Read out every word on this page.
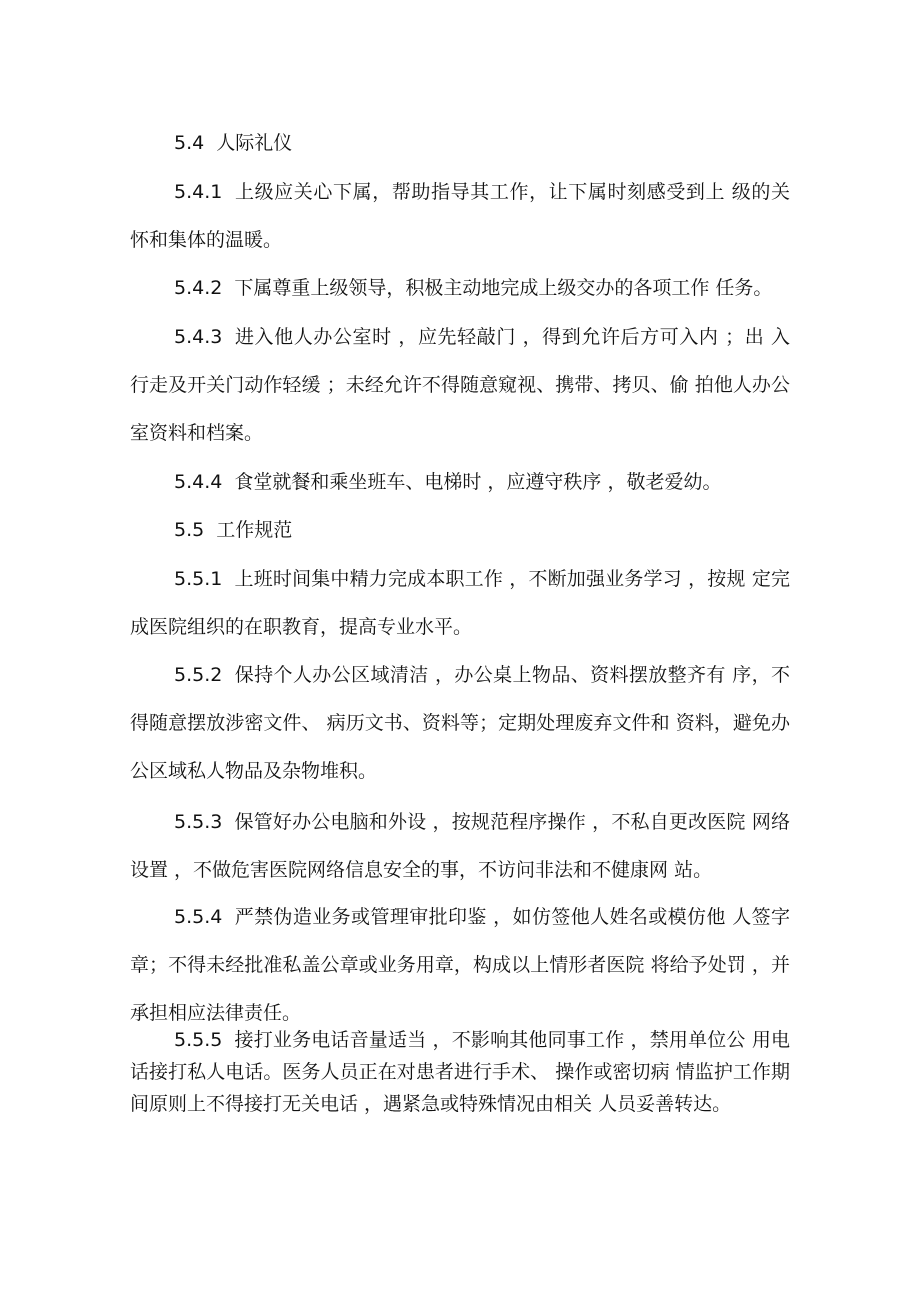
5.4 人际礼仪

5.4.1 上级应关心下属，帮助指导其工作，让下属时刻感受到上 级的关怀和集体的温暖。

5.4.2 下属尊重上级领导，积极主动地完成上级交办的各项工作 任务。

5.4.3 进入他人办公室时 ，应先轻敲门 ，得到允许后方可入内 ；出 入行走及开关门动作轻缓 ；未经允许不得随意窥视、携带、拷贝、偷 拍他人办公室资料和档案。

5.4.4 食堂就餐和乘坐班车、电梯时 ，应遵守秩序 ，敬老爱幼。

5.5 工作规范

5.5.1 上班时间集中精力完成本职工作 ，不断加强业务学习 ，按规 定完成医院组织的在职教育，提高专业水平。

5.5.2 保持个人办公区域清洁 ，办公桌上物品、资料摆放整齐有 序，不得随意摆放涉密文件、 病历文书、资料等；定期处理废弃文件和 资料，避免办公区域私人物品及杂物堆积。

5.5.3 保管好办公电脑和外设 ，按规范程序操作 ，不私自更改医院 网络设置 ，不做危害医院网络信息安全的事，不访问非法和不健康网 站。

5.5.4 严禁伪造业务或管理审批印鉴 ，如仿签他人姓名或模仿他 人签字章；不得未经批准私盖公章或业务用章，构成以上情形者医院 将给予处罚 ，并承担相应法律责任。

5.5.5 接打业务电话音量适当 ，不影响其他同事工作 ，禁用单位公 用电话接打私人电话。医务人员正在对患者进行手术、 操作或密切病 情监护工作期间原则上不得接打无关电话 ，遇紧急或特殊情况由相关 人员妥善转达。
